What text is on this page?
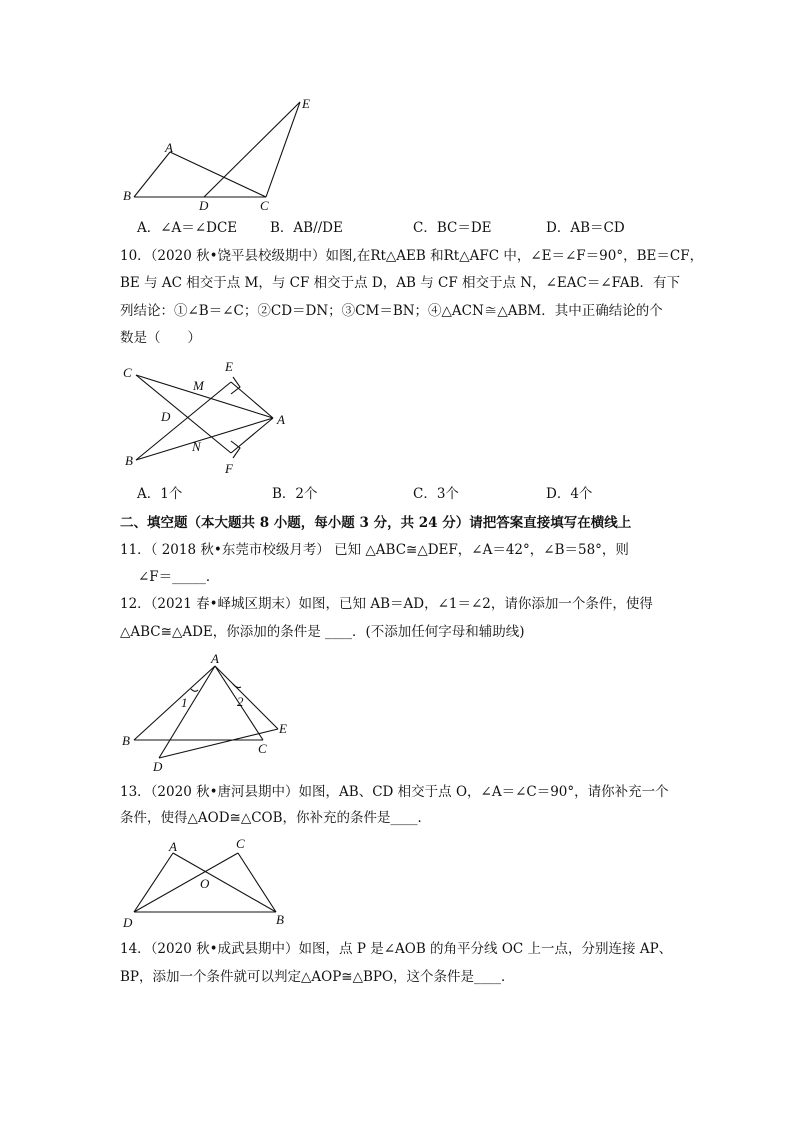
E
A
B
D	C
A．∠A＝∠DCE B．AB//DE	C．BC＝DE	D．AB＝CD
10．（2020 秋•饶平县校级期中）如图,在Rt△AEB 和Rt△AFC 中，∠E＝∠F＝90°，BE＝CF，
BE 与 AC 相交于点 M，与 CF 相交于点 D，AB 与 CF 相交于点 N，∠EAC＝∠FAB．有下
列结论：①∠B＝∠C；②CD＝DN；③CM＝BN；④△ACN≅△ABM．其中正确结论的个
数是（　　）
C	E
M
D	A
N
B
F
A．1个	B．2个	C．3个	D．4个
二、填空题（本大题共 8 小题，每小题 3 分，共 24 分）请把答案直接填写在横线上
11．（ 2018 秋•东莞市校级月考） 已知 △ABC≅△DEF，∠A＝42°，∠B＝58°，则
∠F＝_____．
12．（2021 春•峄城区期末）如图，已知 AB＝AD，∠1＝∠2，请你添加一个条件，使得
△ABC≅△ADE，你添加的条件是 ____．(不添加任何字母和辅助线)
A
1	2
B
C
E
D
13．（2020 秋•唐河县期中）如图，AB、CD 相交于点 O，∠A＝∠C＝90°，请你补充一个
条件，使得△AOD≅△COB，你补充的条件是____．
A	C
O
D	B
14．（2020 秋•成武县期中）如图，点 P 是∠AOB 的角平分线 OC 上一点，分别连接 AP、
BP，添加一个条件就可以判定△AOP≅△BPO，这个条件是____．
